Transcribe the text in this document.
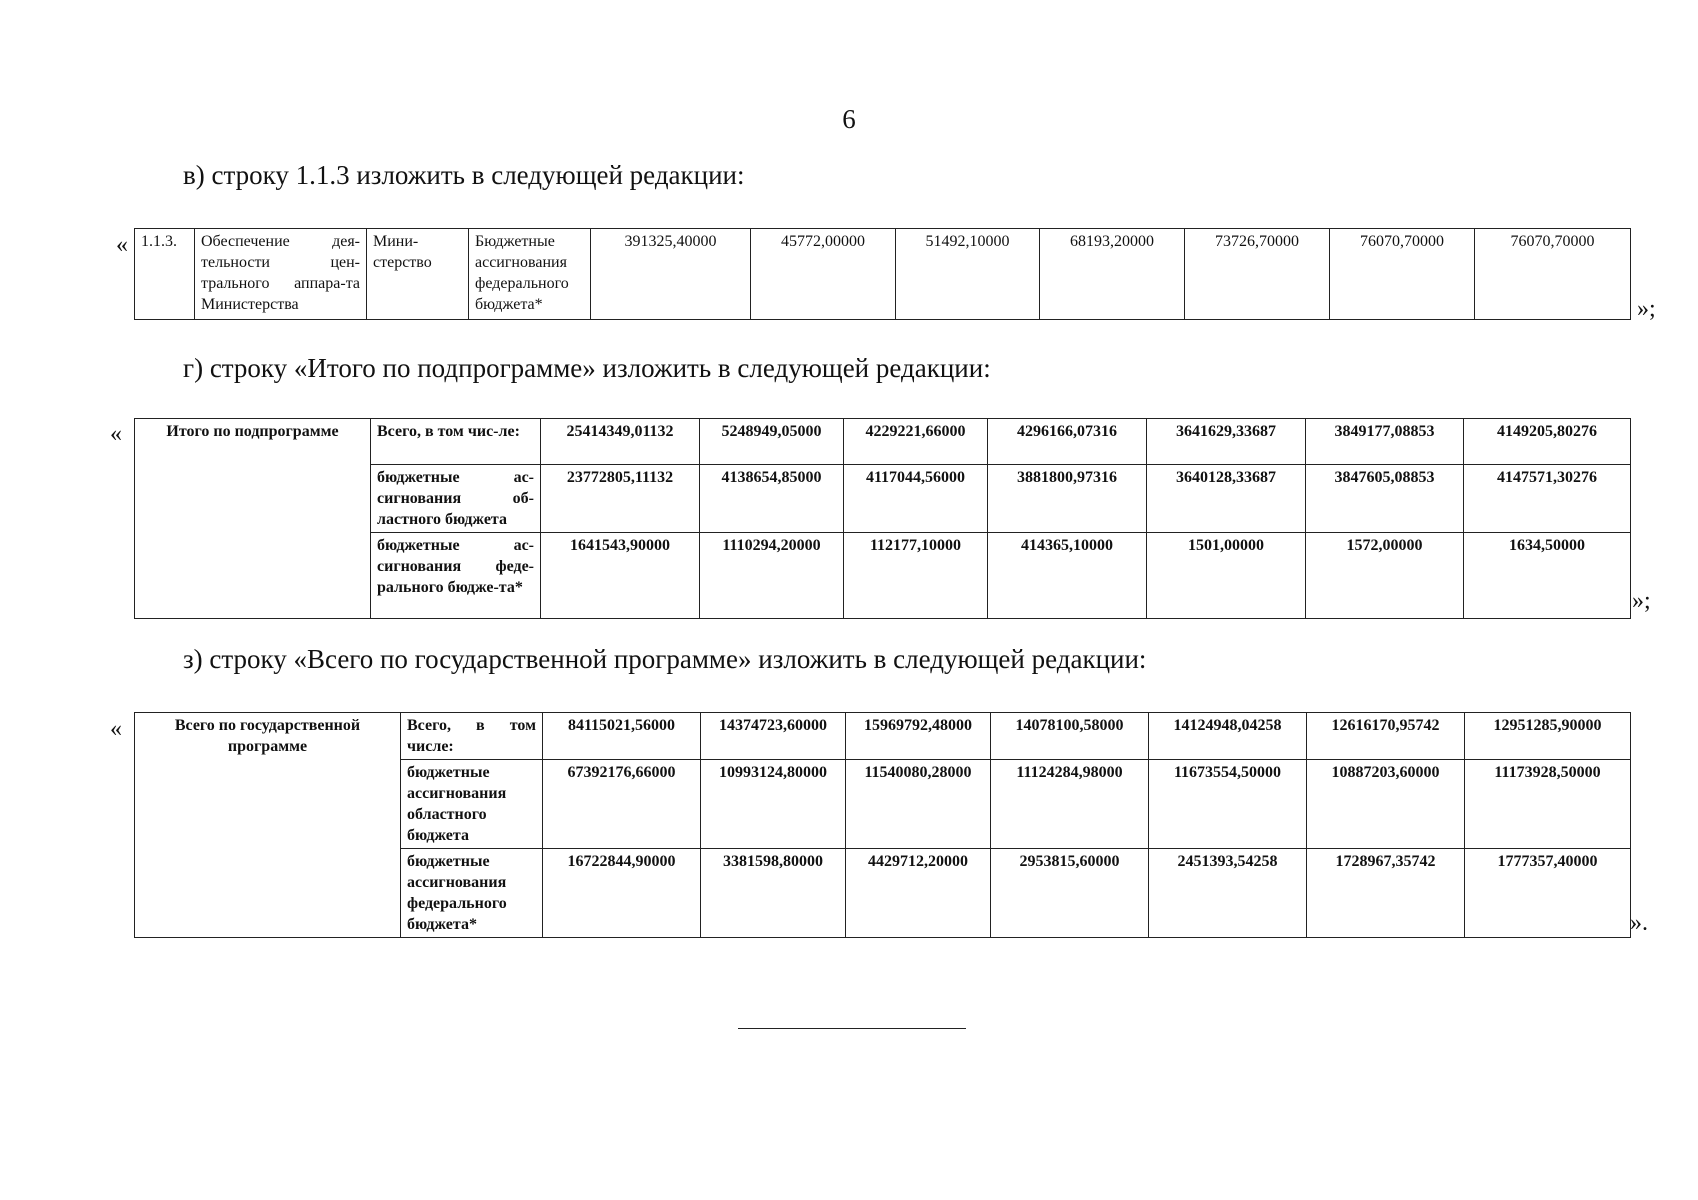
6

в) строку 1.1.3 изложить в следующей редакции:

« 1.1.3.	Обеспечение дея-тельности цен-трального аппара-та Министерства	Мини-стерство	Бюджетные ассигнования федерального бюджета*	391325,40000	45772,00000	51492,10000	68193,20000	73726,70000	76070,70000	76070,70000
»;

г) строку «Итого по подпрограмме» изложить в следующей редакции:

«	Итого по подпрограмме	Всего, в том чис-ле:	25414349,01132	5248949,05000	4229221,66000	4296166,07316	3641629,33687	3849177,08853	4149205,80276
	бюджетные ас-сигнования об-ластного бюджета	23772805,11132	4138654,85000	4117044,56000	3881800,97316	3640128,33687	3847605,08853	4147571,30276
	бюджетные ас-сигнования феде-рального бюдже-та*	1641543,90000	1110294,20000	112177,10000	414365,10000	1501,00000	1572,00000	1634,50000
»;

з) строку «Всего по государственной программе» изложить в следующей редакции:

«	Всего по государственной программе	Всего, в том числе:	84115021,56000	14374723,60000	15969792,48000	14078100,58000	14124948,04258	12616170,95742	12951285,90000
	бюджетные ассигнования областного бюджета	67392176,66000	10993124,80000	11540080,28000	11124284,98000	11673554,50000	10887203,60000	11173928,50000
	бюджетные ассигнования федерального бюджета*	16722844,90000	3381598,80000	4429712,20000	2953815,60000	2451393,54258	1728967,35742	1777357,40000
».
